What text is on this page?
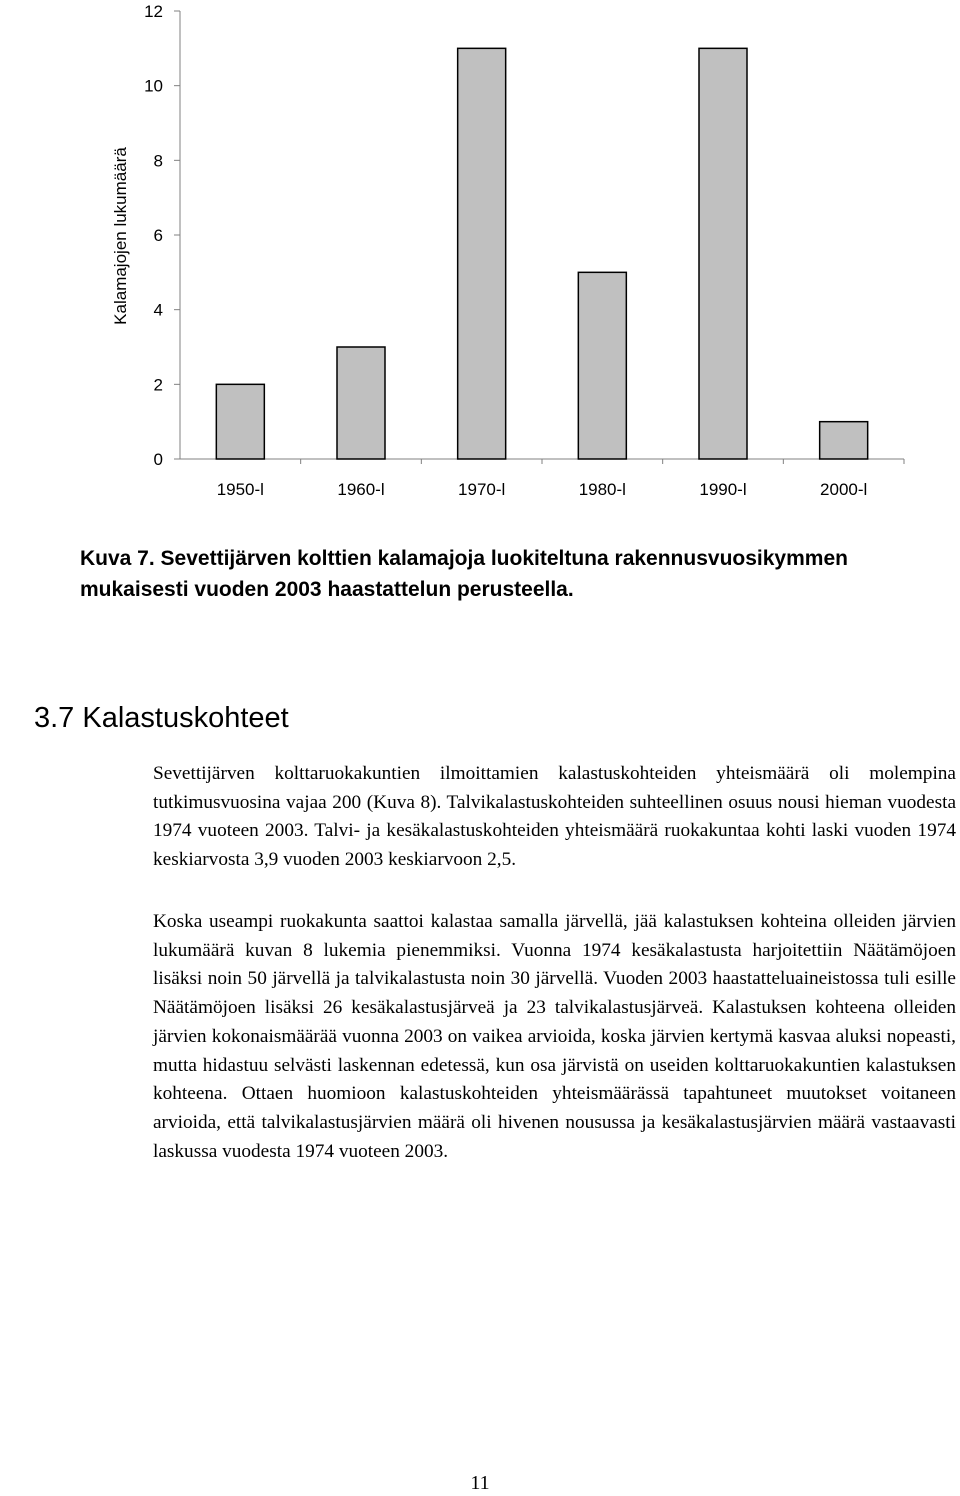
0
2
4
6
8
10
12
1950-l	1960-l	1970-l	1980-l	1990-l	2000-l
Kalamajojen lukumäärä

Kuva 7. Sevettijärven kolttien kalamajoja luokiteltuna rakennusvuosikymmen mukaisesti vuoden 2003 haastattelun perusteella.

3.7 Kalastuskohteet

Sevettijärven kolttaruokakuntien ilmoittamien kalastuskohteiden yhteismäärä oli molempina tutkimusvuosina vajaa 200 (Kuva 8). Talvikalastuskohteiden suhteellinen osuus nousi hieman vuodesta 1974 vuoteen 2003. Talvi- ja kesäkalastuskohteiden yhteismäärä ruokakuntaa kohti laski vuoden 1974 keskiarvosta 3,9 vuoden 2003 keskiarvoon 2,5.

Koska useampi ruokakunta saattoi kalastaa samalla järvellä, jää kalastuksen kohteina olleiden järvien lukumäärä kuvan 8 lukemia pienemmiksi. Vuonna 1974 kesäkalastusta harjoitettiin Näätämöjoen lisäksi noin 50 järvellä ja talvikalastusta noin 30 järvellä. Vuoden 2003 haastatteluaineistossa tuli esille Näätämöjoen lisäksi 26 kesäkalastusjärveä ja 23 talvikalastusjärveä. Kalastuksen kohteena olleiden järvien kokonaismäärää vuonna 2003 on vaikea arvioida, koska järvien kertymä kasvaa aluksi nopeasti, mutta hidastuu selvästi laskennan edetessä, kun osa järvistä on useiden kolttaruokakuntien kalastuksen kohteena. Ottaen huomioon kalastuskohteiden yhteismäärässä tapahtuneet muutokset voitaneen arvioida, että talvikalastusjärvien määrä oli hivenen nousussa ja kesäkalastusjärvien määrä vastaavasti laskussa vuodesta 1974 vuoteen 2003.

11
